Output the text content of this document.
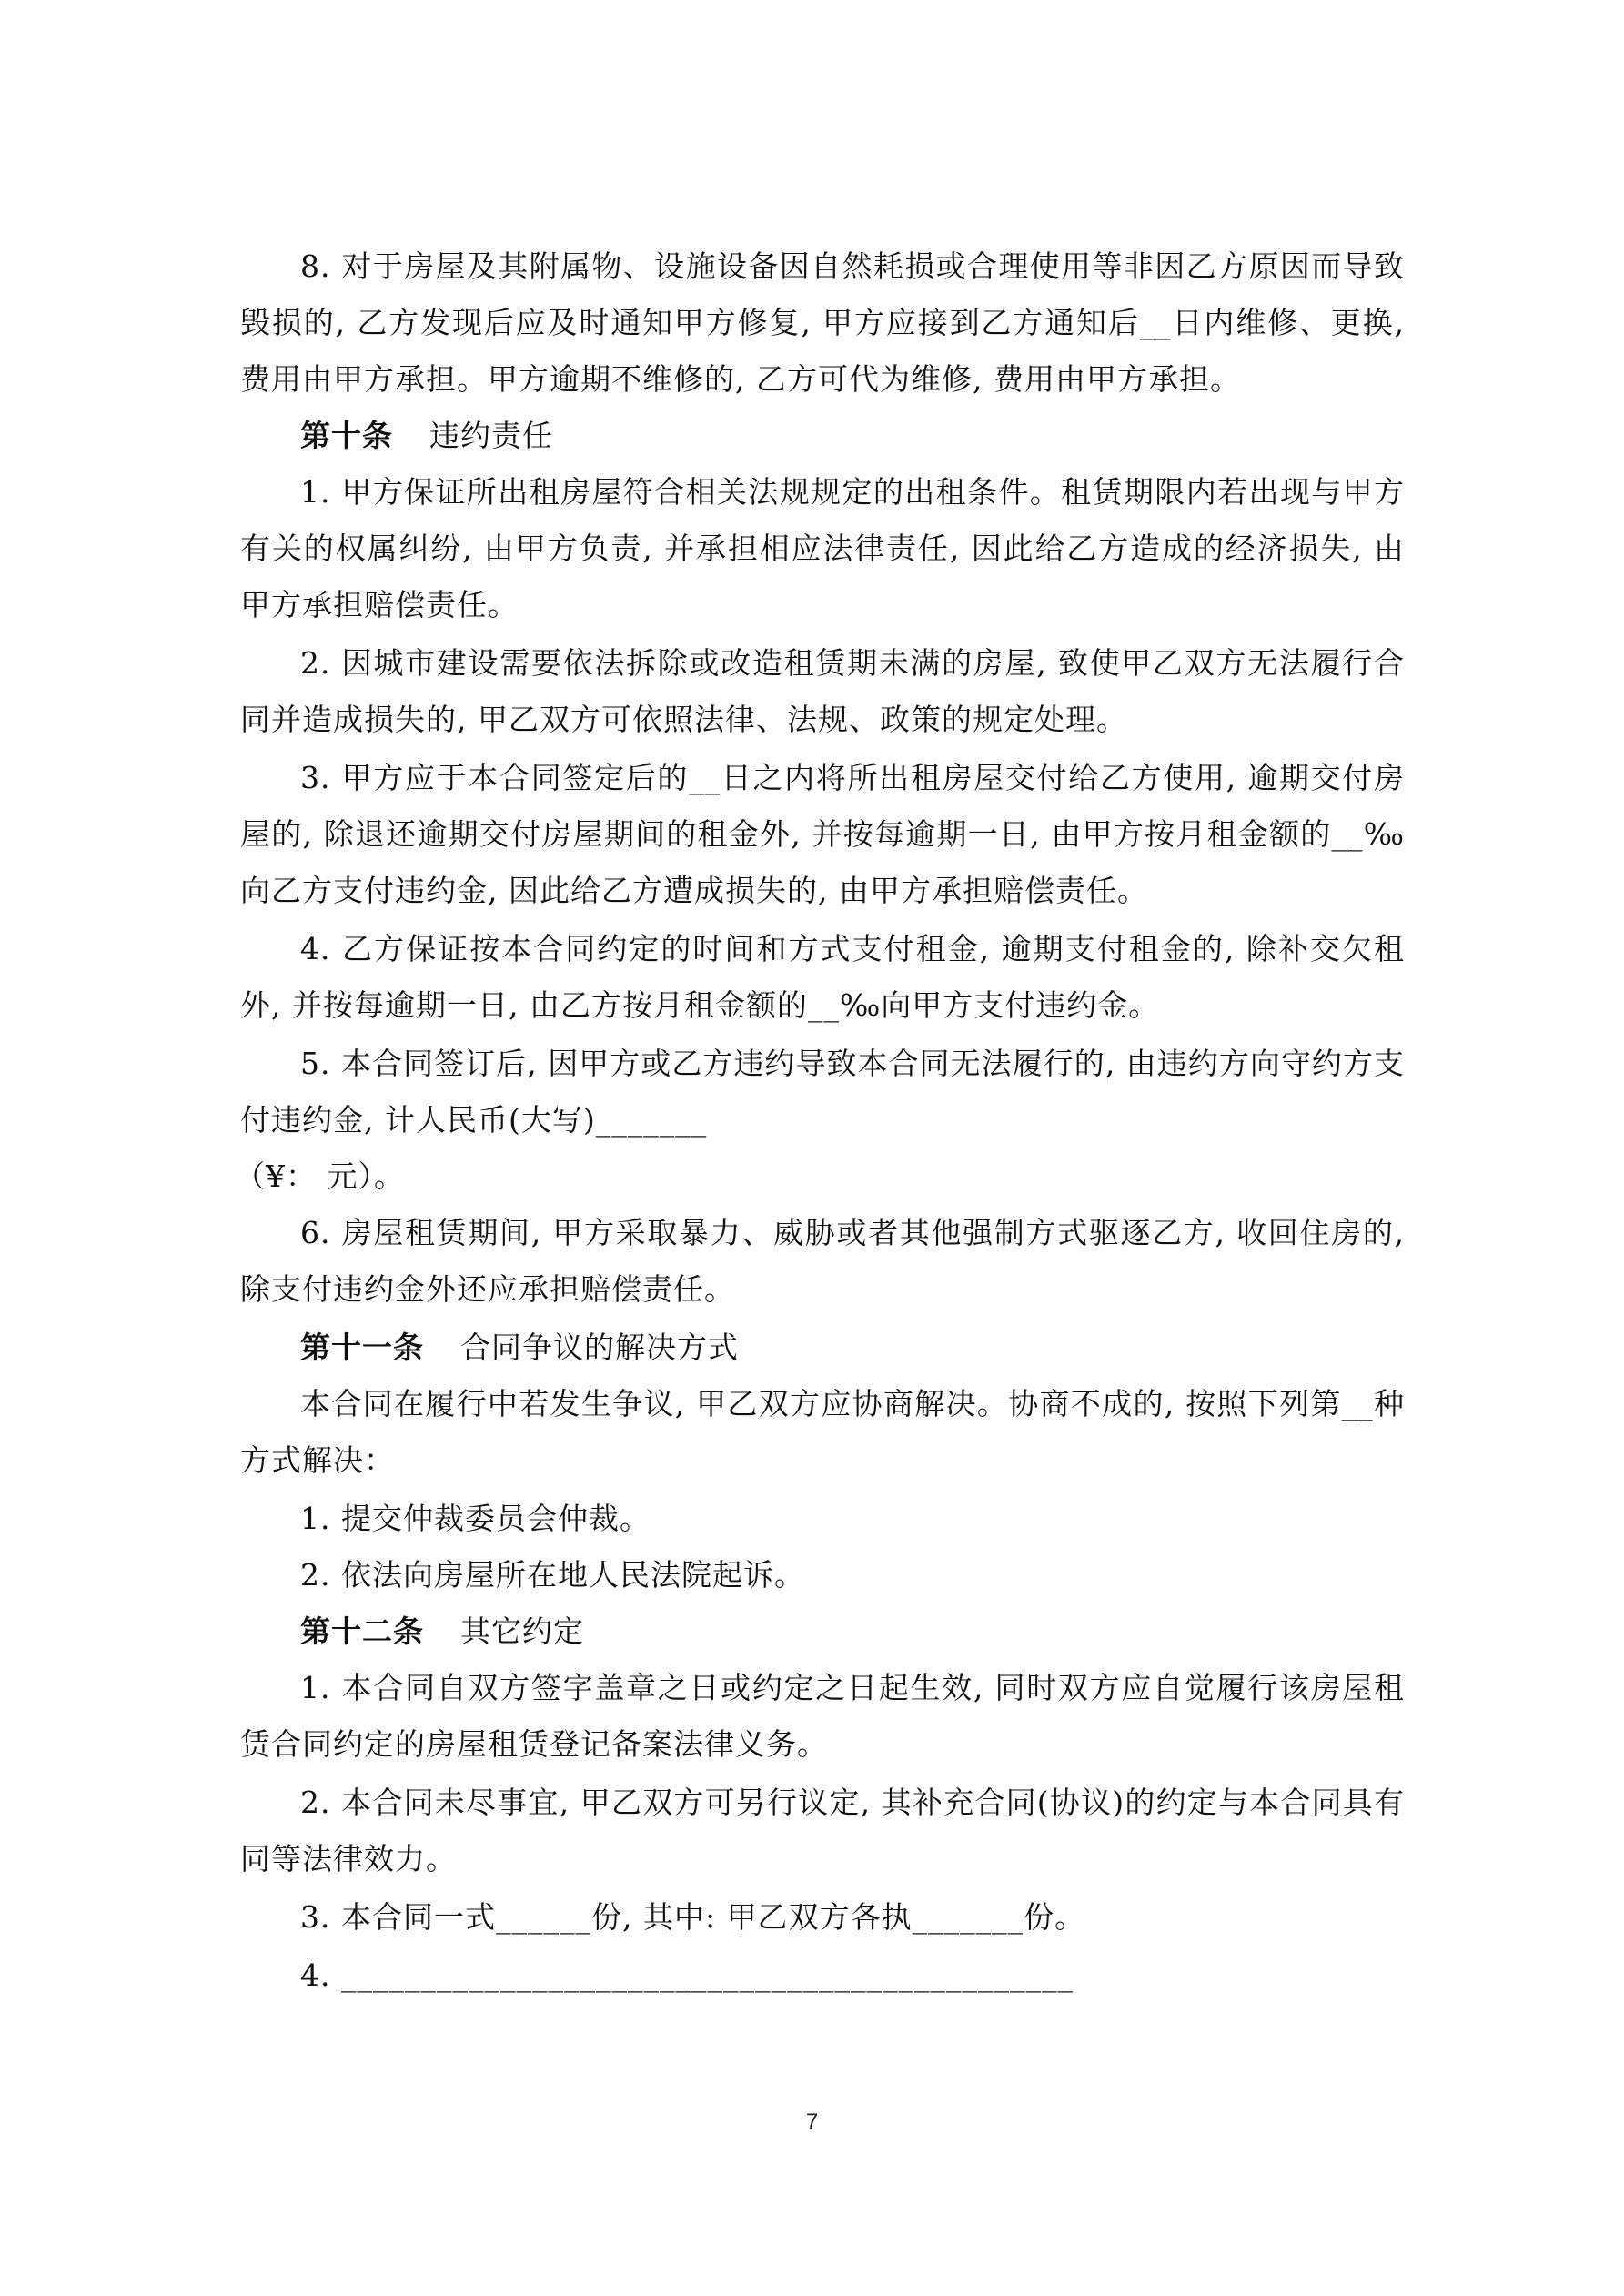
8. 对于房屋及其附属物、设施设备因自然耗损或合理使用等非因乙方原因而导致毁损的, 乙方发现后应及时通知甲方修复, 甲方应接到乙方通知后__日内维修、更换, 费用由甲方承担。甲方逾期不维修的, 乙方可代为维修, 费用由甲方承担。

第十条 违约责任

1. 甲方保证所出租房屋符合相关法规规定的出租条件。租赁期限内若出现与甲方有关的权属纠纷, 由甲方负责, 并承担相应法律责任, 因此给乙方造成的经济损失, 由甲方承担赔偿责任。

2. 因城市建设需要依法拆除或改造租赁期未满的房屋, 致使甲乙双方无法履行合同并造成损失的, 甲乙双方可依照法律、法规、政策的规定处理。

3. 甲方应于本合同签定后的__日之内将所出租房屋交付给乙方使用, 逾期交付房屋的, 除退还逾期交付房屋期间的租金外, 并按每逾期一日, 由甲方按月租金额的__‰向乙方支付违约金, 因此给乙方遭成损失的, 由甲方承担赔偿责任。

4. 乙方保证按本合同约定的时间和方式支付租金, 逾期支付租金的, 除补交欠租外, 并按每逾期一日, 由乙方按月租金额的__‰向甲方支付违约金。

5. 本合同签订后, 因甲方或乙方违约导致本合同无法履行的, 由违约方向守约方支付违约金, 计人民币(大写)_______

（¥： 元）。

6. 房屋租赁期间, 甲方采取暴力、威胁或者其他强制方式驱逐乙方, 收回住房的, 除支付违约金外还应承担赔偿责任。

第十一条 合同争议的解决方式

本合同在履行中若发生争议, 甲乙双方应协商解决。协商不成的, 按照下列第__种方式解决：

1. 提交仲裁委员会仲裁。

2. 依法向房屋所在地人民法院起诉。

第十二条 其它约定

1. 本合同自双方签字盖章之日或约定之日起生效, 同时双方应自觉履行该房屋租赁合同约定的房屋租赁登记备案法律义务。

2. 本合同未尽事宜, 甲乙双方可另行议定, 其补充合同(协议)的约定与本合同具有同等法律效力。

3. 本合同一式______份, 其中: 甲乙双方各执_______份。

4. ______________________________________________

7
